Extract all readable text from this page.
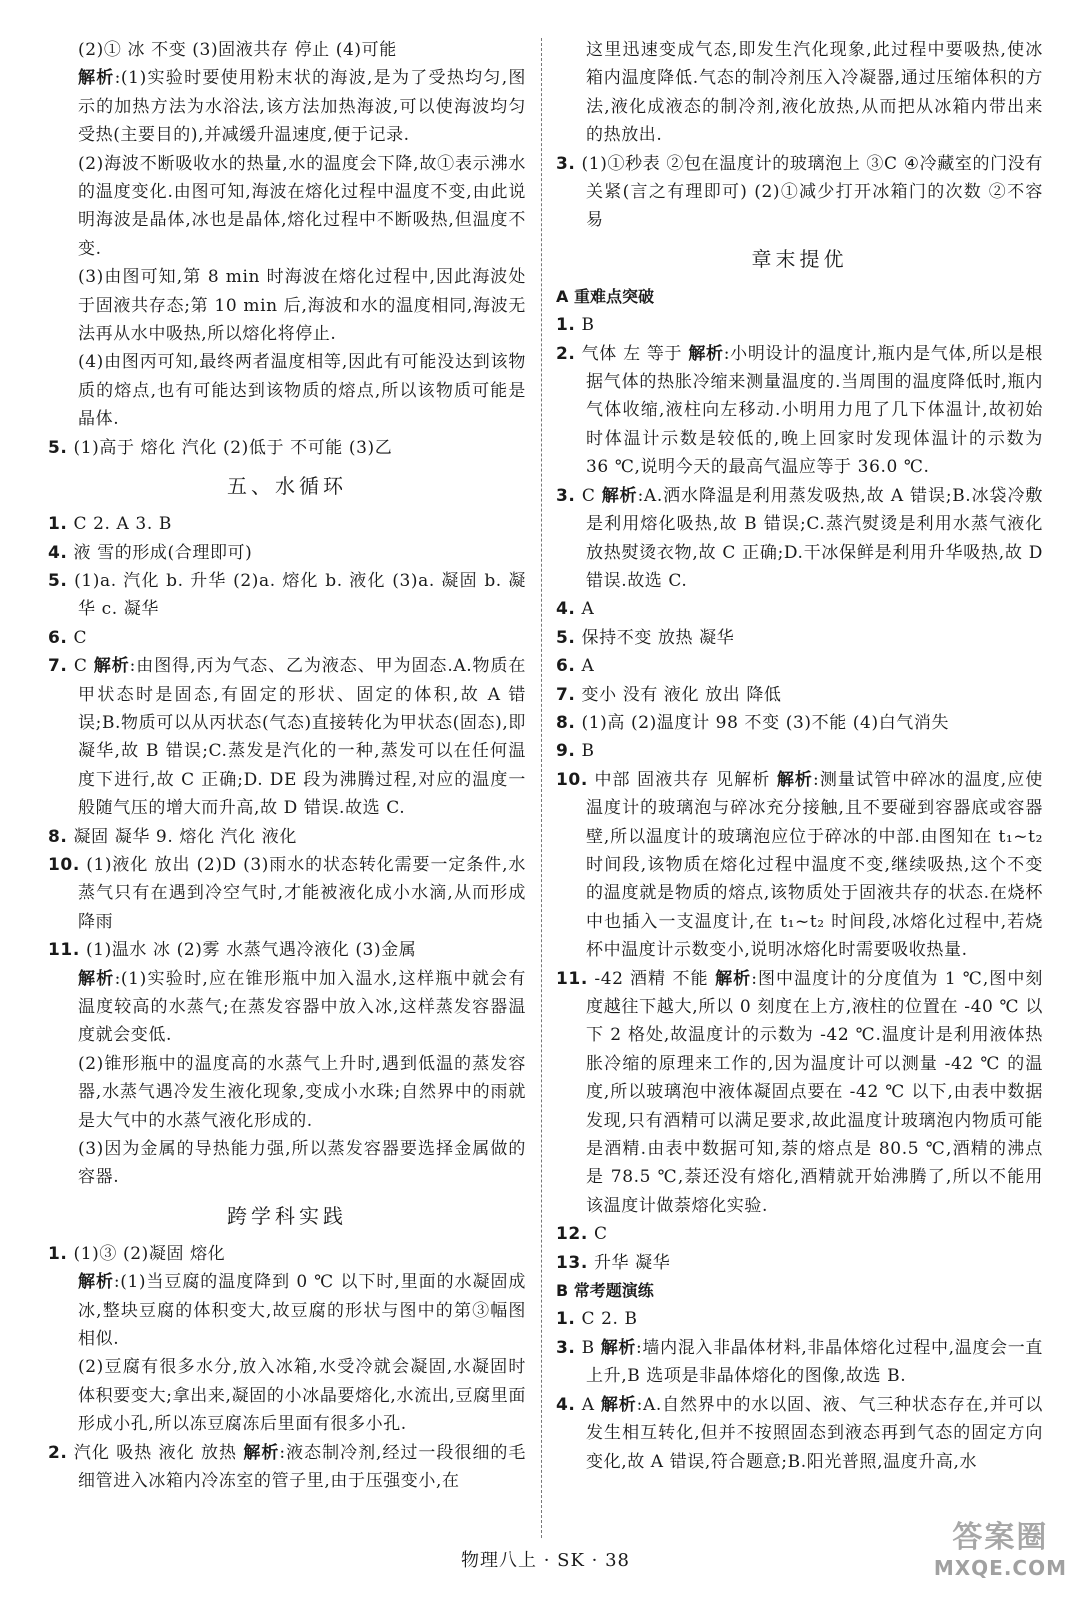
(2)① 冰 不变 (3)固液共存 停止 (4)可能
解析:(1)实验时要使用粉末状的海波,是为了受热均匀,图示的加热方法为水浴法,该方法加热海波,可以使海波均匀受热(主要目的),并减缓升温速度,便于记录.
(2)海波不断吸收水的热量,水的温度会下降,故①表示沸水的温度变化.由图可知,海波在熔化过程中温度不变,由此说明海波是晶体,冰也是晶体,熔化过程中不断吸热,但温度不变.
(3)由图可知,第 8 min 时海波在熔化过程中,因此海波处于固液共存态;第 10 min 后,海波和水的温度相同,海波无法再从水中吸热,所以熔化将停止.
(4)由图丙可知,最终两者温度相等,因此有可能没达到该物质的熔点,也有可能达到该物质的熔点,所以该物质可能是晶体.
5. (1)高于 熔化 汽化 (2)低于 不可能 (3)乙
五、水循环
1. C 2. A 3. B
4. 液 雪的形成(合理即可)
5. (1)a. 汽化 b. 升华 (2)a. 熔化 b. 液化 (3)a. 凝固 b. 凝华 c. 凝华
6. C
7. C 解析:由图得,丙为气态、乙为液态、甲为固态.A.物质在甲状态时是固态,有固定的形状、固定的体积,故 A 错误;B.物质可以从丙状态(气态)直接转化为甲状态(固态),即凝华,故 B 错误;C.蒸发是汽化的一种,蒸发可以在任何温度下进行,故 C 正确;D. DE 段为沸腾过程,对应的温度一般随气压的增大而升高,故 D 错误.故选 C.
8. 凝固 凝华 9. 熔化 汽化 液化
10. (1)液化 放出 (2)D (3)雨水的状态转化需要一定条件,水蒸气只有在遇到冷空气时,才能被液化成小水滴,从而形成降雨
11. (1)温水 冰 (2)雾 水蒸气遇冷液化 (3)金属
解析:(1)实验时,应在锥形瓶中加入温水,这样瓶中就会有温度较高的水蒸气;在蒸发容器中放入冰,这样蒸发容器温度就会变低.
(2)锥形瓶中的温度高的水蒸气上升时,遇到低温的蒸发容器,水蒸气遇冷发生液化现象,变成小水珠;自然界中的雨就是大气中的水蒸气液化形成的.
(3)因为金属的导热能力强,所以蒸发容器要选择金属做的容器.
跨学科实践
1. (1)③ (2)凝固 熔化
解析:(1)当豆腐的温度降到 0 ℃ 以下时,里面的水凝固成冰,整块豆腐的体积变大,故豆腐的形状与图中的第③幅图相似.
(2)豆腐有很多水分,放入冰箱,水受冷就会凝固,水凝固时体积要变大;拿出来,凝固的小冰晶要熔化,水流出,豆腐里面形成小孔,所以冻豆腐冻后里面有很多小孔.
2. 汽化 吸热 液化 放热 解析:液态制冷剂,经过一段很细的毛细管进入冰箱内冷冻室的管子里,由于压强变小,在
这里迅速变成气态,即发生汽化现象,此过程中要吸热,使冰箱内温度降低.气态的制冷剂压入冷凝器,通过压缩体积的方法,液化成液态的制冷剂,液化放热,从而把从冰箱内带出来的热放出.
3. (1)①秒表 ②包在温度计的玻璃泡上 ③C ④冷藏室的门没有关紧(言之有理即可) (2)①减少打开冰箱门的次数 ②不容易
章末提优
A 重难点突破
1. B
2. 气体 左 等于 解析:小明设计的温度计,瓶内是气体,所以是根据气体的热胀冷缩来测量温度的.当周围的温度降低时,瓶内气体收缩,液柱向左移动.小明用力甩了几下体温计,故初始时体温计示数是较低的,晚上回家时发现体温计的示数为 36 ℃,说明今天的最高气温应等于 36.0 ℃.
3. C 解析:A.洒水降温是利用蒸发吸热,故 A 错误;B.冰袋冷敷是利用熔化吸热,故 B 错误;C.蒸汽熨烫是利用水蒸气液化放热熨烫衣物,故 C 正确;D.干冰保鲜是利用升华吸热,故 D 错误.故选 C.
4. A
5. 保持不变 放热 凝华
6. A
7. 变小 没有 液化 放出 降低
8. (1)高 (2)温度计 98 不变 (3)不能 (4)白气消失
9. B
10. 中部 固液共存 见解析 解析:测量试管中碎冰的温度,应使温度计的玻璃泡与碎冰充分接触,且不要碰到容器底或容器壁,所以温度计的玻璃泡应位于碎冰的中部.由图知在 t₁~t₂ 时间段,该物质在熔化过程中温度不变,继续吸热,这个不变的温度就是物质的熔点,该物质处于固液共存的状态.在烧杯中也插入一支温度计,在 t₁~t₂ 时间段,冰熔化过程中,若烧杯中温度计示数变小,说明冰熔化时需要吸收热量.
11. -42 酒精 不能 解析:图中温度计的分度值为 1 ℃,图中刻度越往下越大,所以 0 刻度在上方,液柱的位置在 -40 ℃ 以下 2 格处,故温度计的示数为 -42 ℃.温度计是利用液体热胀冷缩的原理来工作的,因为温度计可以测量 -42 ℃ 的温度,所以玻璃泡中液体凝固点要在 -42 ℃ 以下,由表中数据发现,只有酒精可以满足要求,故此温度计玻璃泡内物质可能是酒精.由表中数据可知,萘的熔点是 80.5 ℃,酒精的沸点是 78.5 ℃,萘还没有熔化,酒精就开始沸腾了,所以不能用该温度计做萘熔化实验.
12. C
13. 升华 凝华
B 常考题演练
1. C 2. B
3. B 解析:墙内混入非晶体材料,非晶体熔化过程中,温度会一直上升,B 选项是非晶体熔化的图像,故选 B.
4. A 解析:A.自然界中的水以固、液、气三种状态存在,并可以发生相互转化,但并不按照固态到液态再到气态的固定方向变化,故 A 错误,符合题意;B.阳光普照,温度升高,水
物理八上 · SK · 38
答案圈
MXQE.COM
